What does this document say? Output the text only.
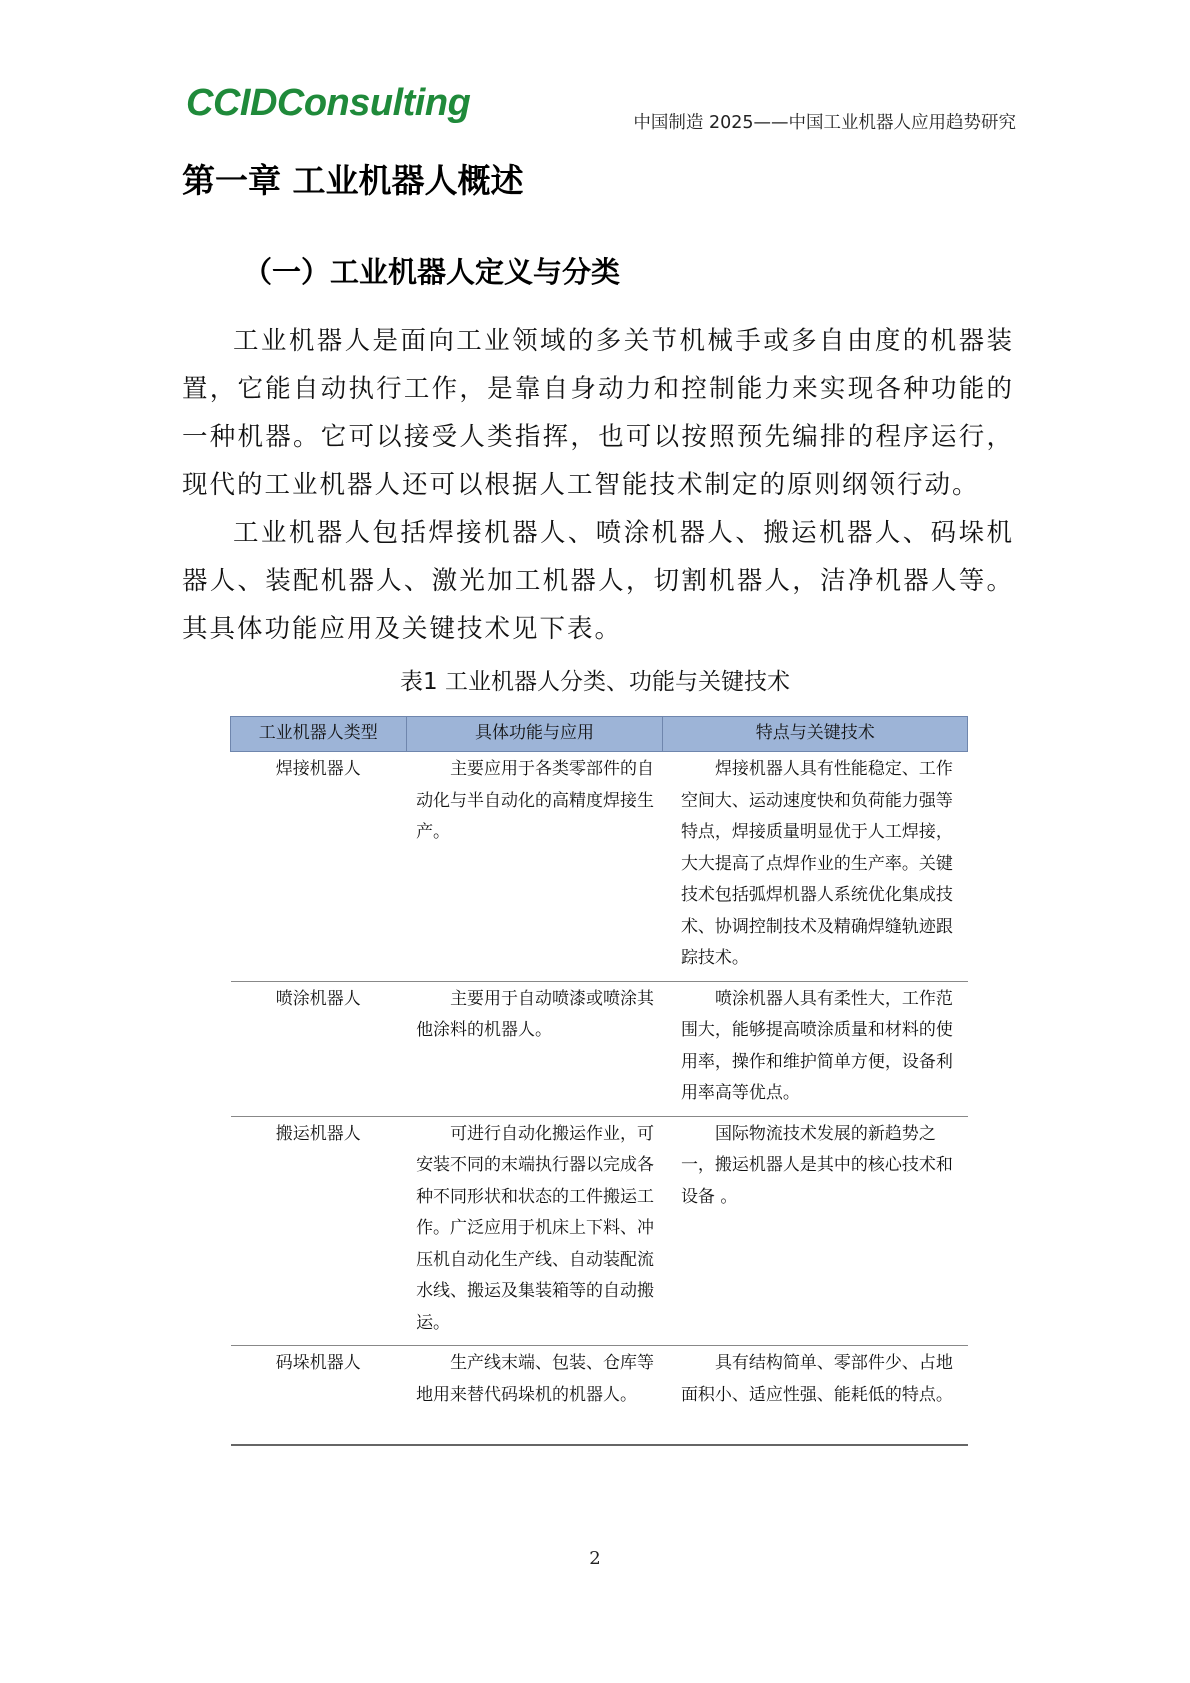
CCIDConsulting	中国制造 2025——中国工业机器人应用趋势研究
第一章 工业机器人概述
（一）工业机器人定义与分类

工业机器人是面向工业领域的多关节机械手或多自由度的机器装置，它能自动执行工作，是靠自身动力和控制能力来实现各种功能的一种机器。它可以接受人类指挥，也可以按照预先编排的程序运行，现代的工业机器人还可以根据人工智能技术制定的原则纲领行动。

工业机器人包括焊接机器人、喷涂机器人、搬运机器人、码垛机器人、装配机器人、激光加工机器人，切割机器人，洁净机器人等。其具体功能应用及关键技术见下表。

表1 工业机器人分类、功能与关键技术
工业机器人类型	具体功能与应用	特点与关键技术
焊接机器人	主要应用于各类零部件的自动化与半自动化的高精度焊接生产。	焊接机器人具有性能稳定、工作空间大、运动速度快和负荷能力强等特点，焊接质量明显优于人工焊接，大大提高了点焊作业的生产率。关键技术包括弧焊机器人系统优化集成技术、协调控制技术及精确焊缝轨迹跟踪技术。

喷涂机器人	主要用于自动喷漆或喷涂其他涂料的机器人。	喷涂机器人具有柔性大，工作范围大，能够提高喷涂质量和材料的使用率，操作和维护简单方便，设备利用率高等优点。

搬运机器人	可进行自动化搬运作业，可安装不同的末端执行器以完成各种不同形状和状态的工件搬运工作。广泛应用于机床上下料、冲压机自动化生产线、自动装配流水线、搬运及集装箱等的自动搬运。	国际物流技术发展的新趋势之一，搬运机器人是其中的核心技术和设备 。

码垛机器人	生产线末端、包装、仓库等地用来替代码垛机的机器人。	具有结构简单、零部件少、占地面积小、适应性强、能耗低的特点。

2
